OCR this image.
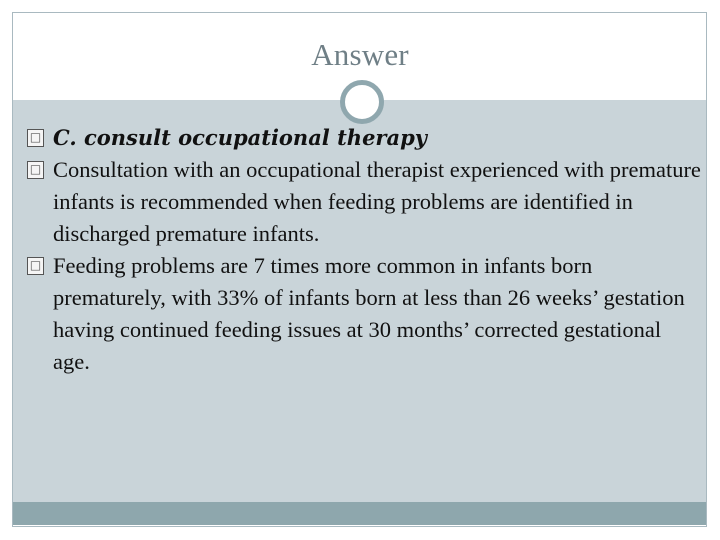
Answer
□ C. consult occupational therapy
□ Consultation with an occupational therapist experienced with premature infants is recommended when feeding problems are identified in discharged premature infants.
□ Feeding problems are 7 times more common in infants born prematurely, with 33% of infants born at less than 26 weeks’ gestation having continued feeding issues at 30 months’ corrected gestational age.
